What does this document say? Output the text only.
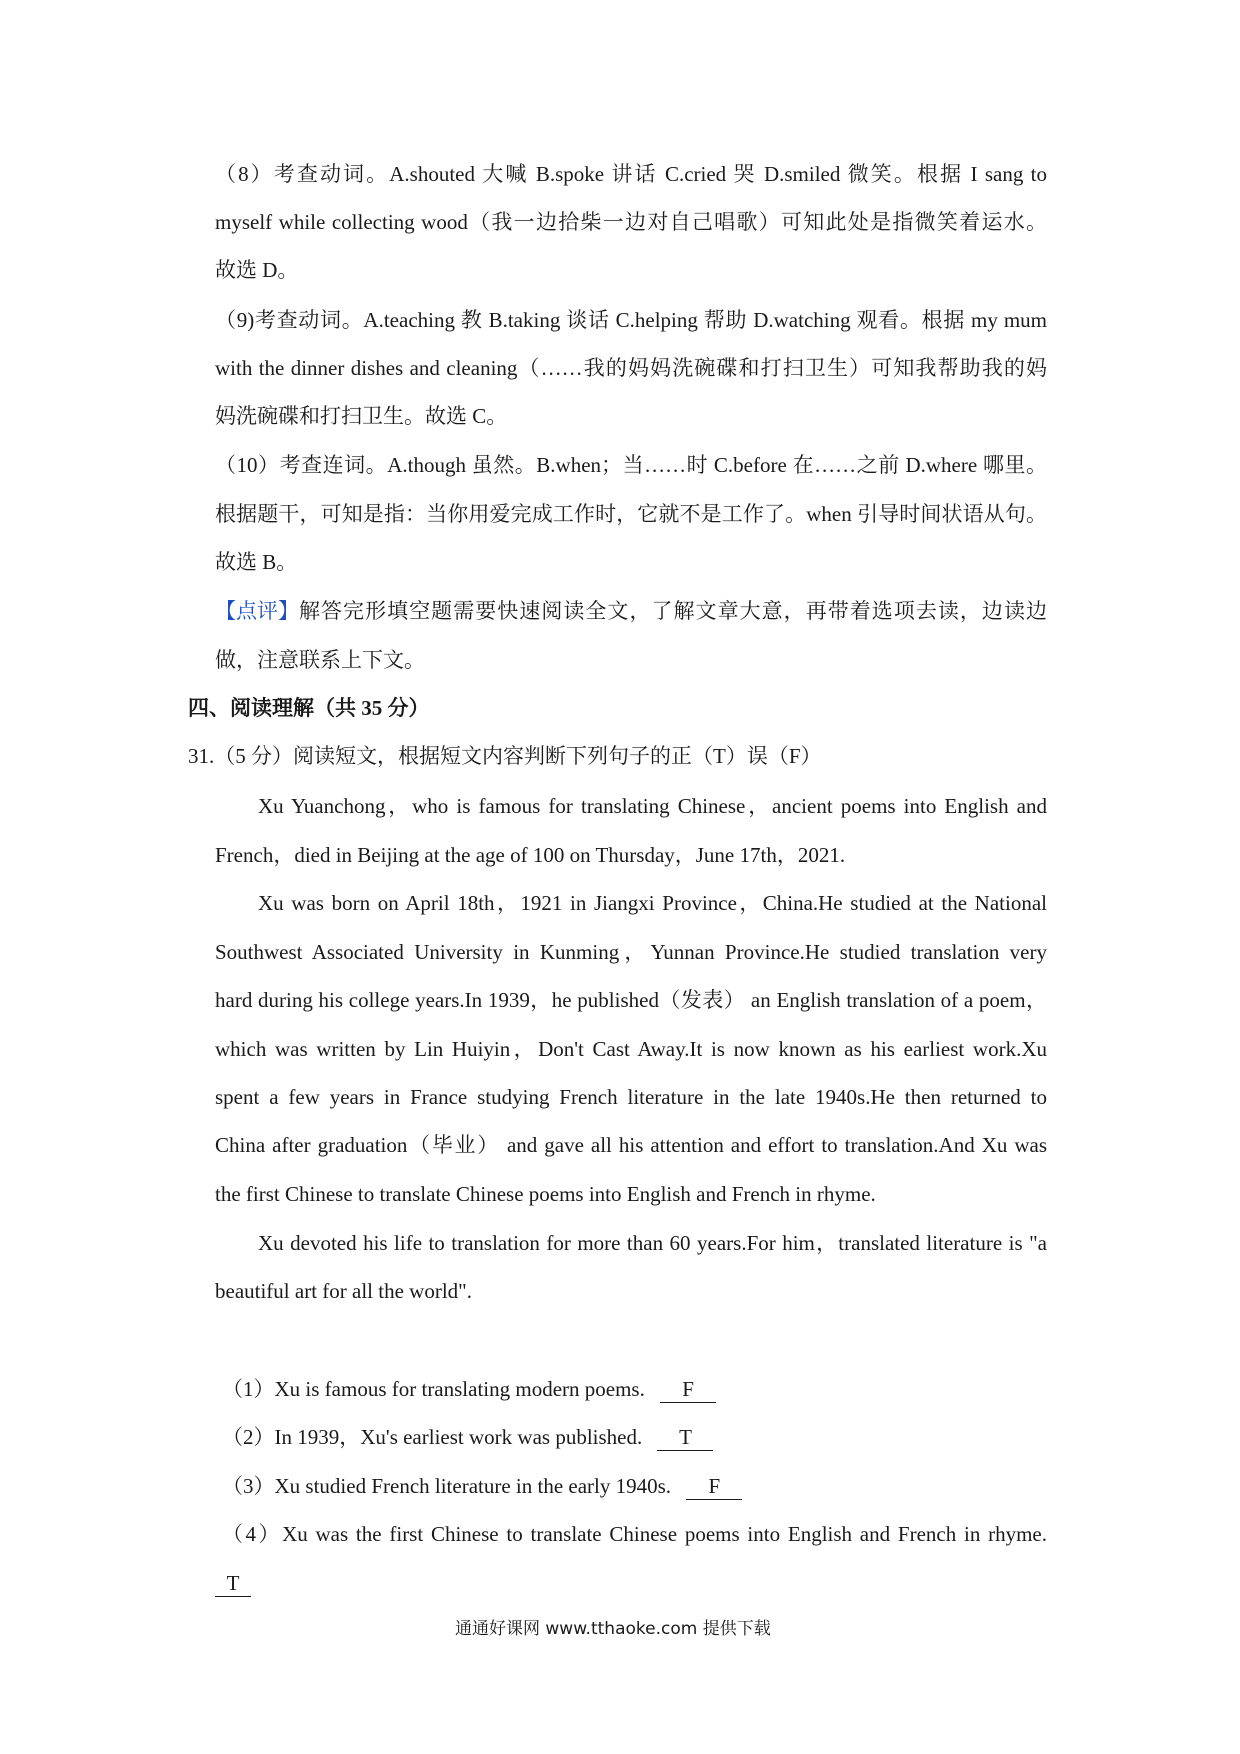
（8）考查动词。A.shouted 大喊 B.spoke 讲话 C.cried 哭 D.smiled 微笑。根据 I sang to
myself while collecting wood（我一边拾柴一边对自己唱歌）可知此处是指微笑着运水。
故选 D。
（9)考查动词。A.teaching 教 B.taking 谈话 C.helping 帮助 D.watching 观看。根据 my mum
with the dinner dishes and cleaning（……我的妈妈洗碗碟和打扫卫生）可知我帮助我的妈
妈洗碗碟和打扫卫生。故选 C。
（10）考查连词。A.though 虽然。B.when；当……时 C.before 在……之前 D.where 哪里。
根据题干，可知是指：当你用爱完成工作时，它就不是工作了。when 引导时间状语从句。
故选 B。
【点评】 解答完形填空题需要快速阅读全文，了解文章大意，再带着选项去读，边读边
做，注意联系上下文。
四、阅读理解（共 35 分）
31.（5 分）阅读短文，根据短文内容判断下列句子的正（T）误（F）
Xu Yuanchong，who is famous for translating Chinese，ancient poems into English and
French，died in Beijing at the age of 100 on Thursday，June 17th，2021.
Xu was born on April 18th，1921 in Jiangxi Province，China.He studied at the National
Southwest Associated University in Kunming，Yunnan Province.He studied translation very
hard during his college years.In 1939，he published（发表） an English translation of a poem，
which was written by Lin Huiyin，Don't Cast Away.It is now known as his earliest work.Xu
spent a few years in France studying French literature in the late 1940s.He then returned to
China after graduation（毕业） and gave all his attention and effort to translation.And Xu was
the first Chinese to translate Chinese poems into English and French in rhyme.
Xu devoted his life to translation for more than 60 years.For him，translated literature is "a
beautiful art for all the world".
（1）Xu is famous for translating modern poems. F
（2）In 1939，Xu's earliest work was published. T
（3）Xu studied French literature in the early 1940s. F
（4）Xu was the first Chinese to translate Chinese poems into English and French in rhyme.
T
通通好课网 www.tthaoke.com 提供下载
